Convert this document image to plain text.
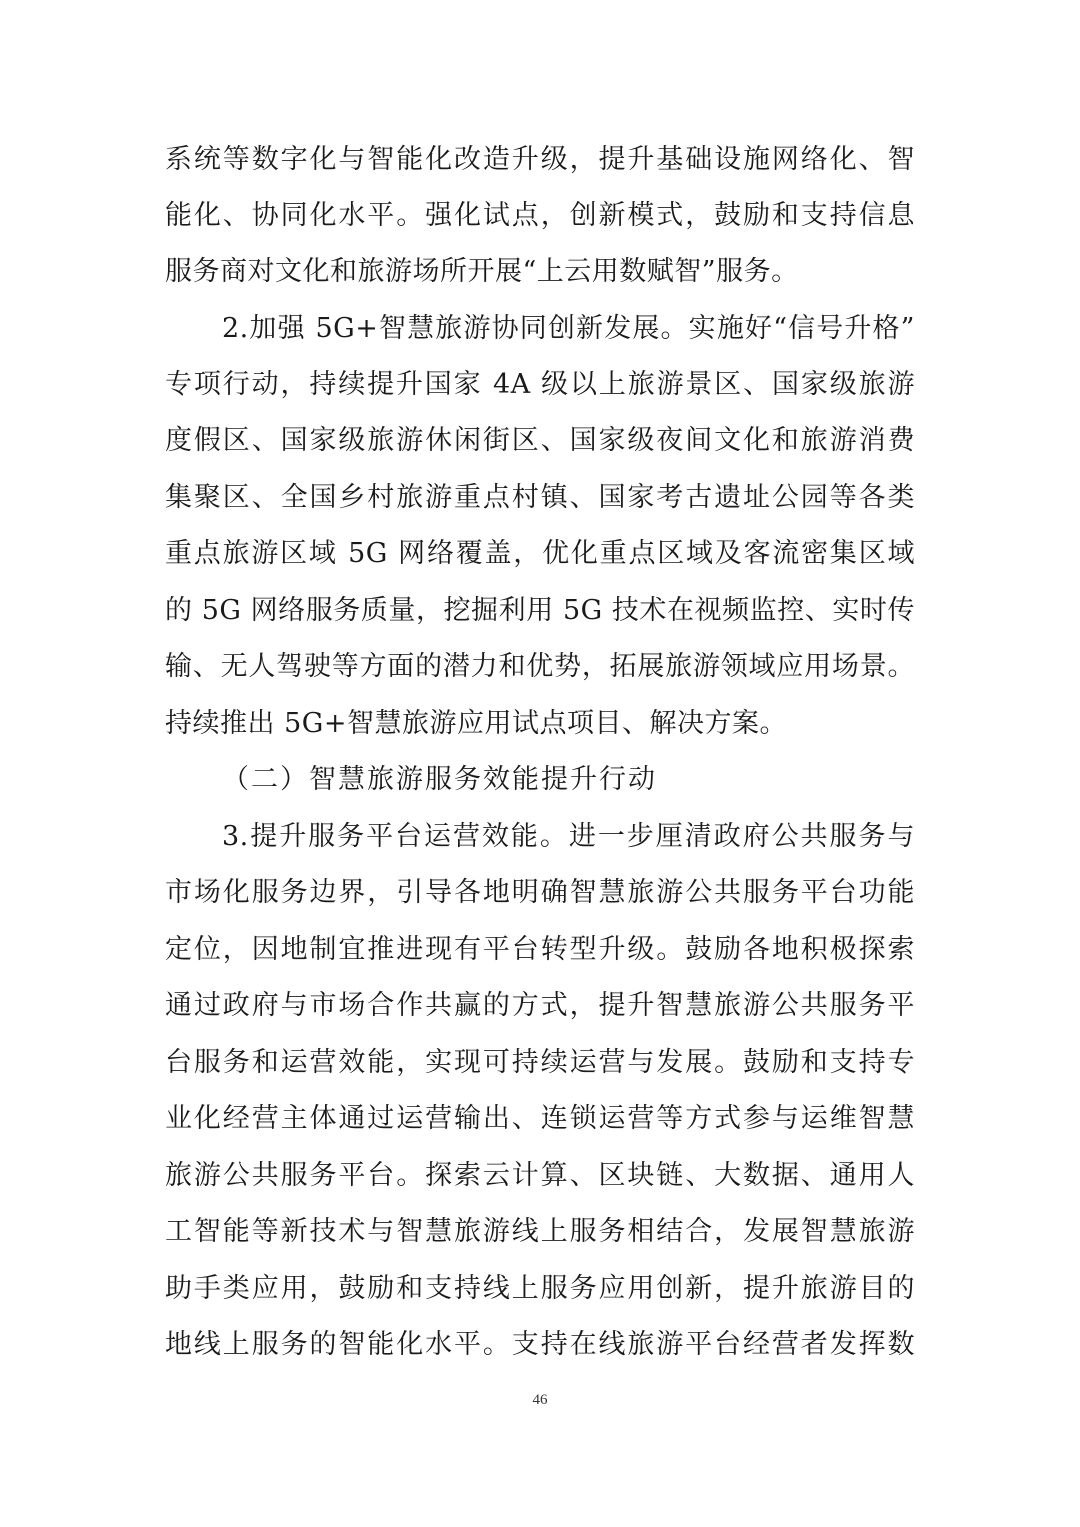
系统等数字化与智能化改造升级，提升基础设施网络化、智
能化、协同化水平。强化试点，创新模式，鼓励和支持信息
服务商对文化和旅游场所开展“上云用数赋智”服务。
2.加强 5G+智慧旅游协同创新发展。实施好“信号升格”
专项行动，持续提升国家 4A 级以上旅游景区、国家级旅游
度假区、国家级旅游休闲街区、国家级夜间文化和旅游消费
集聚区、全国乡村旅游重点村镇、国家考古遗址公园等各类
重点旅游区域 5G 网络覆盖，优化重点区域及客流密集区域
的 5G 网络服务质量，挖掘利用 5G 技术在视频监控、实时传
输、无人驾驶等方面的潜力和优势，拓展旅游领域应用场景。
持续推出 5G+智慧旅游应用试点项目、解决方案。
（二）智慧旅游服务效能提升行动
3.提升服务平台运营效能。进一步厘清政府公共服务与
市场化服务边界，引导各地明确智慧旅游公共服务平台功能
定位，因地制宜推进现有平台转型升级。鼓励各地积极探索
通过政府与市场合作共赢的方式，提升智慧旅游公共服务平
台服务和运营效能，实现可持续运营与发展。鼓励和支持专
业化经营主体通过运营输出、连锁运营等方式参与运维智慧
旅游公共服务平台。探索云计算、区块链、大数据、通用人
工智能等新技术与智慧旅游线上服务相结合，发展智慧旅游
助手类应用，鼓励和支持线上服务应用创新，提升旅游目的
地线上服务的智能化水平。支持在线旅游平台经营者发挥数
46
